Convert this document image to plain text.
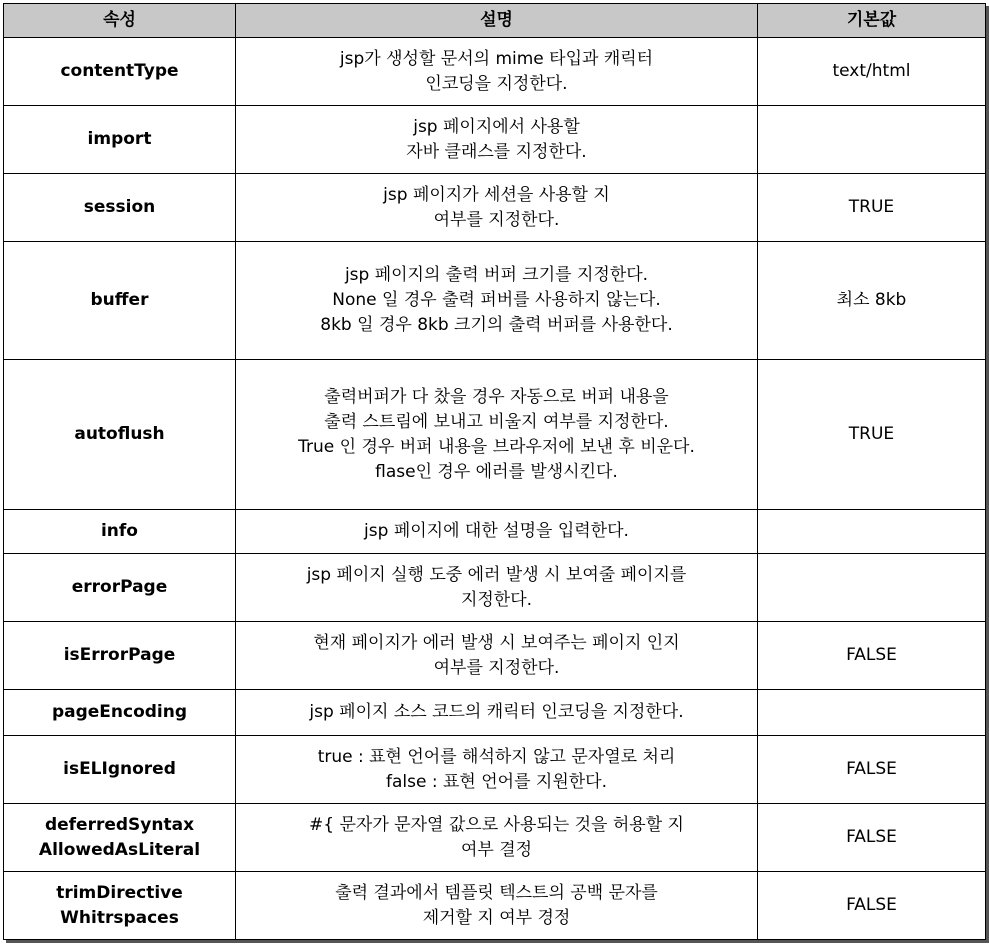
속성	설명	기본값

contentType	jsp가 생성할 문서의 mime 타입과 캐릭터
인코딩을 지정한다.	text/html

import	jsp 페이지에서 사용할
자바 클래스를 지정한다.	

session	jsp 페이지가 세션을 사용할 지
여부를 지정한다.	TRUE

buffer	jsp 페이지의 출력 버퍼 크기를 지정한다.
None 일 경우 출력 퍼버를 사용하지 않는다.
8kb 일 경우 8kb 크기의 출력 버퍼를 사용한다.	최소 8kb

autoflush	출력버퍼가 다 찼을 경우 자동으로 버퍼 내용을
출력 스트림에 보내고 비울지 여부를 지정한다.
True 인 경우 버퍼 내용을 브라우저에 보낸 후 비운다.
flase인 경우 에러를 발생시킨다.	TRUE

info	jsp 페이지에 대한 설명을 입력한다.	

errorPage	jsp 페이지 실행 도중 에러 발생 시 보여줄 페이지를
지정한다.	

isErrorPage	현재 페이지가 에러 발생 시 보여주는 페이지 인지
여부를 지정한다.	FALSE

pageEncoding	jsp 페이지 소스 코드의 캐릭터 인코딩을 지정한다.	

isELIgnored	true : 표현 언어를 해석하지 않고 문자열로 처리
false : 표현 언어를 지원한다.	FALSE

deferredSyntax
AllowedAsLiteral	#{ 문자가 문자열 값으로 사용되는 것을 허용할 지
여부 결정	FALSE

trimDirective
Whitrspaces	출력 결과에서 템플릿 텍스트의 공백 문자를
제거할 지 여부 경정	FALSE
